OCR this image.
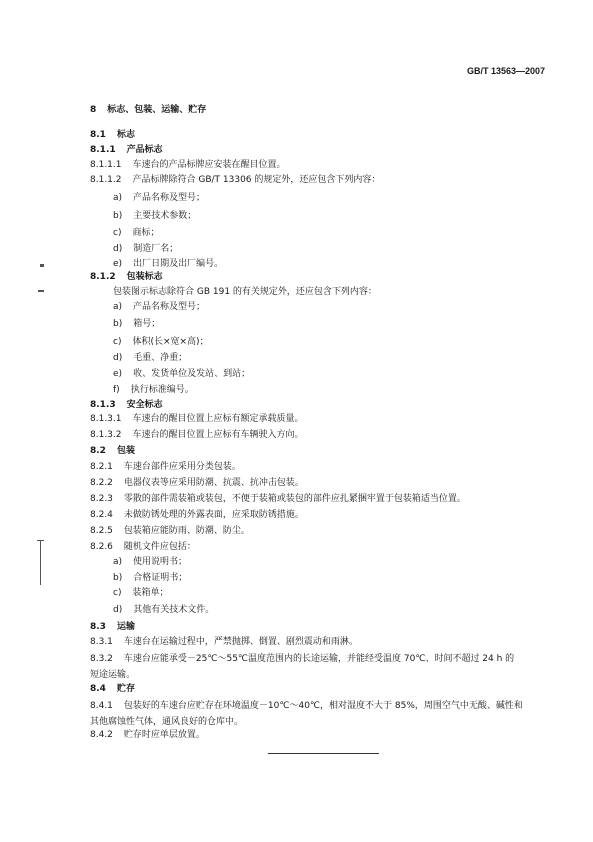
GB/T 13563—2007
8 标志、包装、运输、贮存
8.1 标志
8.1.1 产品标志
8.1.1.1 车速台的产品标牌应安装在醒目位置。
8.1.1.2 产品标牌除符合 GB/T 13306 的规定外，还应包含下列内容：
a) 产品名称及型号；
b) 主要技术参数；
c) 商标；
d) 制造厂名；
e) 出厂日期及出厂编号。
8.1.2 包装标志
包装图示标志除符合 GB 191 的有关规定外，还应包含下列内容：
a) 产品名称及型号；
b) 箱号；
c) 体积(长×宽×高)；
d) 毛重、净重；
e) 收、发货单位及发站、到站；
f) 执行标准编号。
8.1.3 安全标志
8.1.3.1 车速台的醒目位置上应标有额定承载质量。
8.1.3.2 车速台的醒目位置上应标有车辆驶入方向。
8.2 包装
8.2.1 车速台部件应采用分类包装。
8.2.2 电器仪表等应采用防潮、抗震、抗冲击包装。
8.2.3 零散的部件需装箱或装包，不便于装箱或装包的部件应扎紧捆牢置于包装箱适当位置。
8.2.4 未做防锈处理的外露表面，应采取防锈措施。
8.2.5 包装箱应能防雨、防潮、防尘。
8.2.6 随机文件应包括：
a) 使用说明书；
b) 合格证明书；
c) 装箱单；
d) 其他有关技术文件。
8.3 运输
8.3.1 车速台在运输过程中，严禁抛掷、倒置、剧烈震动和雨淋。
8.3.2 车速台应能承受－25℃～55℃温度范围内的长途运输，并能经受温度 70℃、时间不超过 24 h 的短途运输。
8.4 贮存
8.4.1 包装好的车速台应贮存在环境温度－10℃～40℃，相对湿度不大于 85%，周围空气中无酸、碱性和其他腐蚀性气体，通风良好的仓库中。
8.4.2 贮存时应单层放置。
